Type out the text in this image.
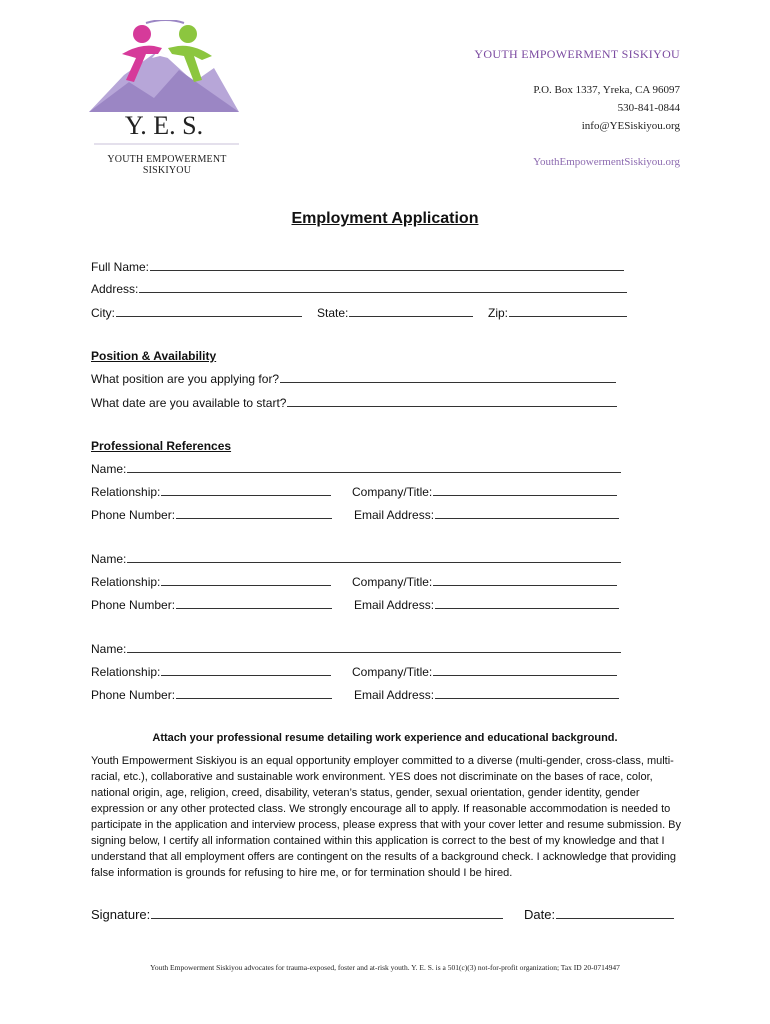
Y. E. S.
YOUTH EMPOWERMENT SISKIYOU
YOUTH EMPOWERMENT SISKIYOU
P.O. Box 1337, Yreka, CA 96097
530-841-0844
info@YESiskiyou.org
YouthEmpowermentSiskiyou.org
Employment Application
Full Name:
Address:
City:	State:	Zip:
Position & Availability
What position are you applying for?
What date are you available to start?
Professional References
Name:
Relationship:	Company/Title:
Phone Number:	Email Address:
Name:
Relationship:	Company/Title:
Phone Number:	Email Address:
Name:
Relationship:	Company/Title:
Phone Number:	Email Address:
Attach your professional resume detailing work experience and educational background.
Youth Empowerment Siskiyou is an equal opportunity employer committed to a diverse (multi-gender, cross-class, multi-racial, etc.), collaborative and sustainable work environment. YES does not discriminate on the bases of race, color, national origin, age, religion, creed, disability, veteran’s status, gender, sexual orientation, gender identity, gender expression or any other protected class. We strongly encourage all to apply. If reasonable accommodation is needed to participate in the application and interview process, please express that with your cover letter and resume submission. By signing below, I certify all information contained within this application is correct to the best of my knowledge and that I understand that all employment offers are contingent on the results of a background check. I acknowledge that providing false information is grounds for refusing to hire me, or for termination should I be hired.
Signature:	Date:
Youth Empowerment Siskiyou advocates for trauma-exposed, foster and at-risk youth. Y. E. S. is a 501(c)(3) not-for-profit organization; Tax ID 20-0714947
